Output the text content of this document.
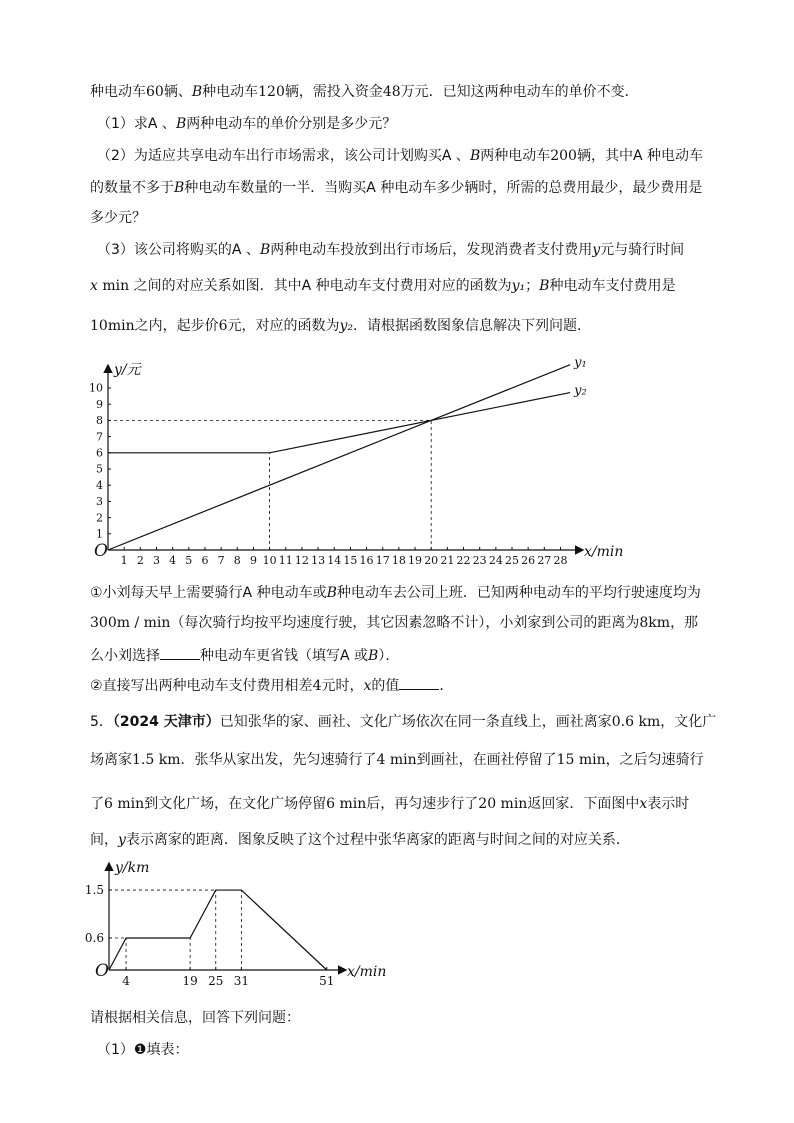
种电动车60辆、B种电动车120辆，需投入资金48万元．已知这两种电动车的单价不变．
（1）求A 、B两种电动车的单价分别是多少元？
（2）为适应共享电动车出行市场需求，该公司计划购买A 、B两种电动车200辆，其中A 种电动车
的数量不多于B种电动车数量的一半．当购买A 种电动车多少辆时，所需的总费用最少，最少费用是
多少元？
（3）该公司将购买的A 、B两种电动车投放到出行市场后，发现消费者支付费用y元与骑行时间
x min 之间的对应关系如图．其中A 种电动车支付费用对应的函数为y₁；B种电动车支付费用是
10min之内，起步价6元，对应的函数为y₂．请根据函数图象信息解决下列问题．
1 2 3 4 5 6 7 8 9 10 11 12 13 14 15 16 17 18 19 20 21 22 23 24 25 26 27 28
1
2
3
4
5
6
7
8
9
10
y₁
y₂
O	x/min
y/元
①小刘每天早上需要骑行A 种电动车或B种电动车去公司上班．已知两种电动车的平均行驶速度均为
300m / min（每次骑行均按平均速度行驶，其它因素忽略不计），小刘家到公司的距离为8km，那
么小刘选择	种电动车更省钱（填写A 或B）．
②直接写出两种电动车支付费用相差4元时，x的值	．
5．（2024 天津市）已知张华的家、画社、文化广场依次在同一条直线上，画社离家0.6 km，文化广
场离家1.5 km．张华从家出发，先匀速骑行了4 min到画社，在画社停留了15 min，之后匀速骑行
了6 min到文化广场，在文化广场停留6 min后，再匀速步行了20 min返回家．下面图中x表示时
间，y表示离家的距离．图象反映了这个过程中张华离家的距离与时间之间的对应关系．
4	19 25 31	51
0.6
1.5
O	x/min
y/km
请根据相关信息，回答下列问题：
（1）❶填表：
